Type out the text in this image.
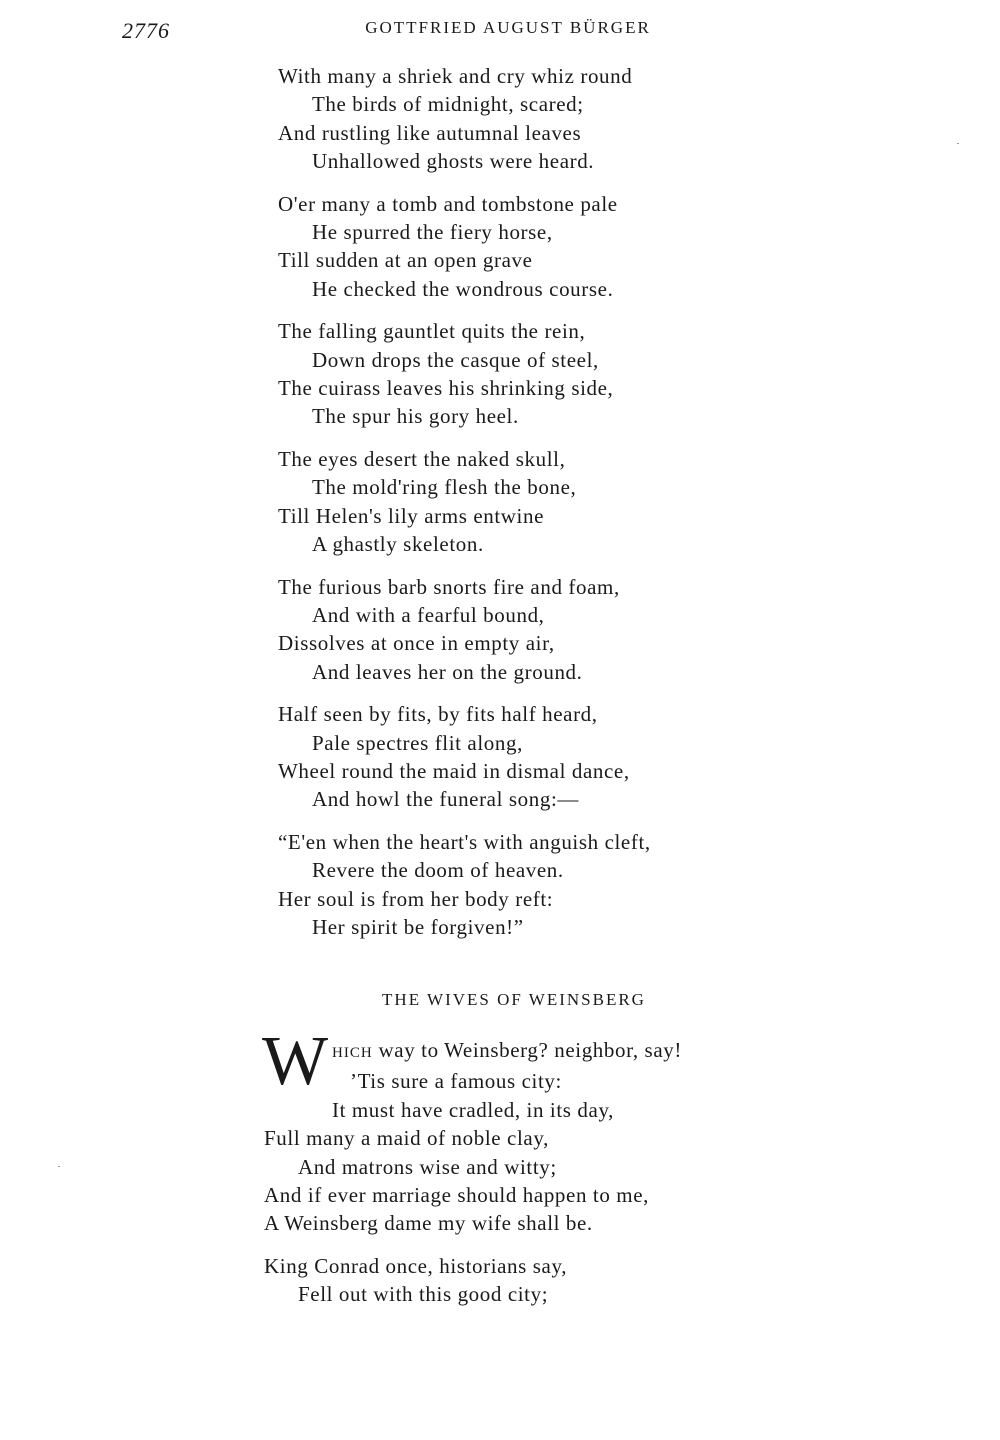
2776	GOTTFRIED AUGUST BÜRGER
With many a shriek and cry whiz round
The birds of midnight, scared;
And rustling like autumnal leaves
Unhallowed ghosts were heard.
O'er many a tomb and tombstone pale
He spurred the fiery horse,
Till sudden at an open grave
He checked the wondrous course.
The falling gauntlet quits the rein,
Down drops the casque of steel,
The cuirass leaves his shrinking side,
The spur his gory heel.
The eyes desert the naked skull,
The mold'ring flesh the bone,
Till Helen's lily arms entwine
A ghastly skeleton.
The furious barb snorts fire and foam,
And with a fearful bound,
Dissolves at once in empty air,
And leaves her on the ground.
Half seen by fits, by fits half heard,
Pale spectres flit along,
Wheel round the maid in dismal dance,
And howl the funeral song:—
“E'en when the heart's with anguish cleft,
Revere the doom of heaven.
Her soul is from her body reft:
Her spirit be forgiven!”
THE WIVES OF WEINSBERG
W HICH way to Weinsberg? neighbor, say!
’Tis sure a famous city:
It must have cradled, in its day,
Full many a maid of noble clay,
And matrons wise and witty;
And if ever marriage should happen to me,
A Weinsberg dame my wife shall be.
King Conrad once, historians say,
Fell out with this good city;
